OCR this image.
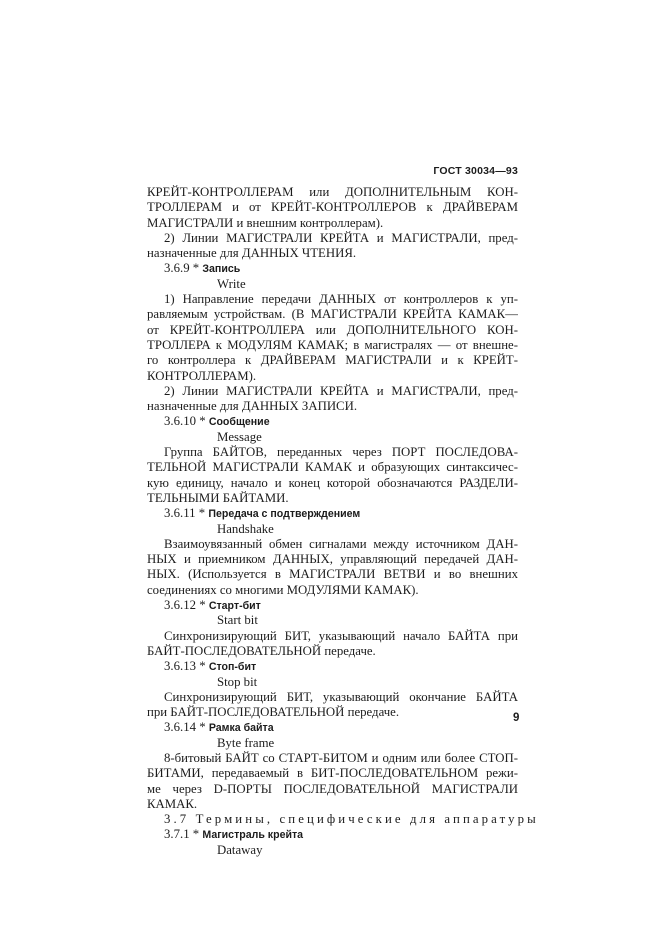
ГОСТ 30034—93
КРЕЙТ-КОНТРОЛЛЕРАМ или ДОПОЛНИТЕЛЬНЫМ КОН-
ТРОЛЛЕРАМ и от КРЕЙТ-КОНТРОЛЛЕРОВ к ДРАЙВЕРАМ
МАГИСТРАЛИ и внешним контроллерам).
2) Линии МАГИСТРАЛИ КРЕЙТА и МАГИСТРАЛИ, пред-
назначенные для ДАННЫХ ЧТЕНИЯ.
3.6.9 * Запись
Write
1) Направление передачи ДАННЫХ от контроллеров к уп-
равляемым устройствам. (В МАГИСТРАЛИ КРЕЙТА КАМАК—
от КРЕЙТ-КОНТРОЛЛЕРА или ДОПОЛНИТЕЛЬНОГО КОН-
ТРОЛЛЕРА к МОДУЛЯМ КАМАК; в магистралях — от внешне-
го контроллера к ДРАЙВЕРАМ МАГИСТРАЛИ и к КРЕЙТ-
КОНТРОЛЛЕРАМ).
2) Линии МАГИСТРАЛИ КРЕЙТА и МАГИСТРАЛИ, пред-
назначенные для ДАННЫХ ЗАПИСИ.
3.6.10 * Сообщение
Message
Группа БАЙТОВ, переданных через ПОРТ ПОСЛЕДОВА-
ТЕЛЬНОЙ МАГИСТРАЛИ КАМАК и образующих синтаксичес-
кую единицу, начало и конец которой обозначаются РАЗДЕЛИ-
ТЕЛЬНЫМИ БАЙТАМИ.
3.6.11 * Передача с подтверждением
Handshake
Взаимоувязанный обмен сигналами между источником ДАН-
НЫХ и приемником ДАННЫХ, управляющий передачей ДАН-
НЫХ. (Используется в МАГИСТРАЛИ ВЕТВИ и во внешних
соединениях со многими МОДУЛЯМИ КАМАК).
3.6.12 * Старт-бит
Start bit
Синхронизирующий БИТ, указывающий начало БАЙТА при
БАЙТ-ПОСЛЕДОВАТЕЛЬНОЙ передаче.
3.6.13 * Стоп-бит
Stop bit
Синхронизирующий БИТ, указывающий окончание БАЙТА
при БАЙТ-ПОСЛЕДОВАТЕЛЬНОЙ передаче.
3.6.14 * Рамка байта
Byte frame
8-битовый БАЙТ со СТАРТ-БИТОМ и одним или более СТОП-
БИТАМИ, передаваемый в БИТ-ПОСЛЕДОВАТЕЛЬНОМ режи-
ме через D-ПОРТЫ ПОСЛЕДОВАТЕЛЬНОЙ МАГИСТРАЛИ
КАМАК.
3.7 Термины, специфические для аппаратуры
3.7.1 * Магистраль крейта
Dataway
9
